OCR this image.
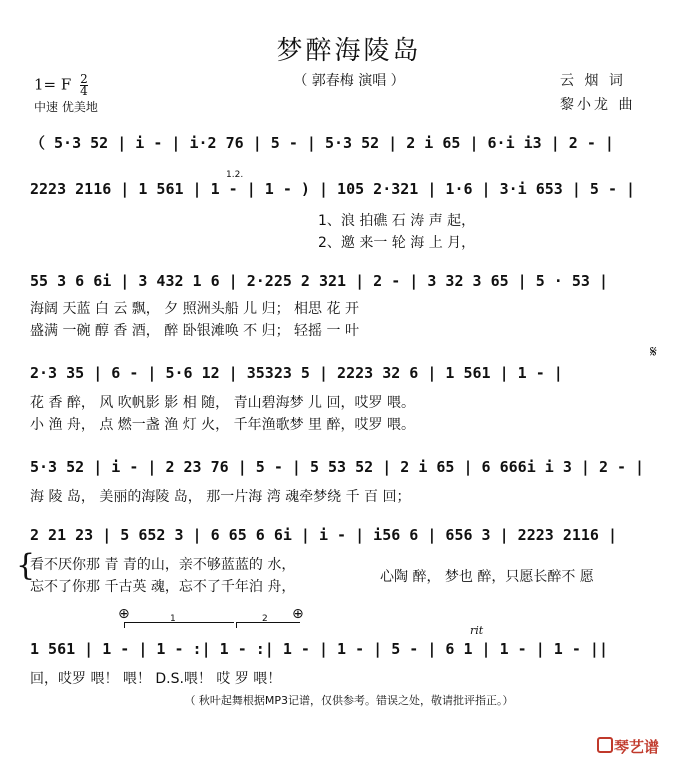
梦醉海陵岛
（ 郭春梅 演唱 ）
1= F $\frac{2}{4}$
中速 优美地
云 烟 词
黎小龙 曲
（ 5·3 52 | i - | i·2 76 | 5 - | 5·3 52 | 2 i 65 | 6·i i3 | 2 - |
2223 2116 | 1 561 | 1 - | 1 - ) | 105 2·321 | 1·6 | 3·i 653 | 5 - |
1.2.
1、浪 拍礁 石 涛 声 起，
2、邀 来一 轮 海 上 月，
55 3 6 6i | 3 432 1 6 | 2·225 2 321 | 2 - | 3 32 3 65 | 5 · 53 |
海阔 天蓝 白 云 飘， 夕 照洲头船 儿 归； 相思 花 开
盛满 一碗 醇 香 酒， 醉 卧银滩唤 不 归； 轻摇 一 叶
𝄋
2·3 35 | 6 - | 5·6 12 | 35323 5 | 2223 32 6 | 1 561 | 1 - |
花 香 醉， 风 吹帆影 影 相 随， 青山碧海梦 儿 回，哎罗 喂。
小 渔 舟， 点 燃一盏 渔 灯 火， 千年渔歌梦 里 醉，哎罗 喂。
5·3 52 | i - | 2 23 76 | 5 - | 5 53 52 | 2 i 65 | 6 666i i 3 | 2 - |
海 陵 岛， 美丽的海陵 岛， 那一片海 湾 魂牵梦绕 千 百 回；
2 21 23 | 5 652 3 | 6 65 6 6i | i - | i56 6 | 656 3 | 2223 2116 |
{
看不厌你那 青 青的山，亲不够蓝蓝的 水，
忘不了你那 千古英 魂，忘不了千年泊 舟，
心陶 醉， 梦也 醉，只愿长醉不 愿
⊕	⊕
1	2
rit
1 561 | 1 - | 1 - :| 1 - :| 1 - | 1 - | 5 - | 6 1 | 1 - | 1 - ||
回，哎罗 喂！ 喂！ D.S.喂！ 哎 罗 喂！
（ 秋叶起舞根据MP3记谱，仅供参考。错误之处，敬请批评指正。）
琴艺谱
